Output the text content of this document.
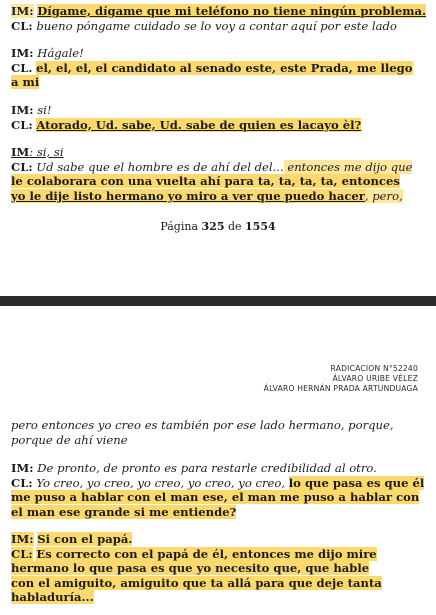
IM: Dígame, dígame que mi teléfono no tiene ningún problema.
CL: bueno póngame cuidado se lo voy a contar aquí por este lado
IM: Hágale!
CL. el, el, el, el candidato al senado este, este Prada, me llego
a mi
IM: si!
CL: Atorado, Ud. sabe, Ud. sabe de quien es lacayo èl?
IM: si, si
CL: Ud sabe que el hombre es de ahí del del... entonces me dijo que
le colaborara con una vuelta ahí para ta, ta, ta, ta, entonces
yo le dije listo hermano yo miro a ver que puedo hacer, pero,
Página 325 de 1554
RADICACION N°52240
ÁLVARO URIBE VÉLEZ
ÁLVARO HERNÁN PRADA ARTUNDUAGA
pero entonces yo creo es también por ese lado hermano, porque,
porque de ahí viene
IM: De pronto, de pronto es para restarle credibilidad al otro.
CL: Yo creo, yo creo, yo creo, yo creo, yo creo, lo que pasa es que él
me puso a hablar con el man ese, el man me puso a hablar con
el man ese grande si me entiende?
IM: Si con el papá.
CL: Es correcto con el papá de él, entonces me dijo mire
hermano lo que pasa es que yo necesito que, que hable
con el amiguito, amiguito que ta allá para que deje tanta
habladuría...
